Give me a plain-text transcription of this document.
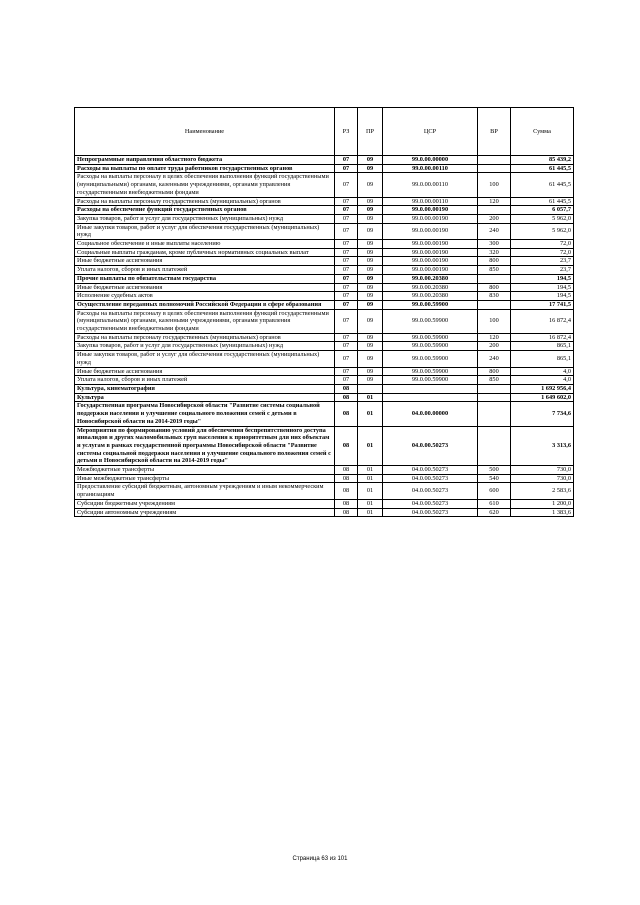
Наименование	РЗ	ПР	ЦСР	ВР	Сумма
Непрограммные направления областного бюджета	07	09	99.0.00.00000		85 439,2
Расходы на выплаты по оплате труда работников государственных органов	07	09	99.0.00.00110		61 445,5
Расходы на выплаты персоналу в целях обеспечения выполнения функций государственными (муниципальными) органами, казенными учреждениями, органами управления государственными внебюджетными фондами	07	09	99.0.00.00110	100	61 445,5
Расходы на выплаты персоналу государственных (муниципальных) органов	07	09	99.0.00.00110	120	61 445,5
Расходы на обеспечение функций государственных органов	07	09	99.0.00.00190		6 057,7
Закупка товаров, работ и услуг для государственных (муниципальных) нужд	07	09	99.0.00.00190	200	5 962,0
Иные закупки товаров, работ и услуг для обеспечения государственных (муниципальных) нужд	07	09	99.0.00.00190	240	5 962,0
Социальное обеспечение и иные выплаты населению	07	09	99.0.00.00190	300	72,0
Социальные выплаты гражданам, кроме публичных нормативных социальных выплат	07	09	99.0.00.00190	320	72,0
Иные бюджетные ассигнования	07	09	99.0.00.00190	800	23,7
Уплата налогов, сборов и иных платежей	07	09	99.0.00.00190	850	23,7
Прочие выплаты по обязательствам государства	07	09	99.0.00.20380		194,5
Иные бюджетные ассигнования	07	09	99.0.00.20380	800	194,5
Исполнение судебных актов	07	09	99.0.00.20380	830	194,5
Осуществление переданных полномочий Российской Федерации в сфере образования	07	09	99.0.00.59900		17 741,5
Расходы на выплаты персоналу в целях обеспечения выполнения функций государственными (муниципальными) органами, казенными учреждениями, органами управления государственными внебюджетными фондами	07	09	99.0.00.59900	100	16 872,4
Расходы на выплаты персоналу государственных (муниципальных) органов	07	09	99.0.00.59900	120	16 872,4
Закупка товаров, работ и услуг для государственных (муниципальных) нужд	07	09	99.0.00.59900	200	865,1
Иные закупки товаров, работ и услуг для обеспечения государственных (муниципальных) нужд	07	09	99.0.00.59900	240	865,1
Иные бюджетные ассигнования	07	09	99.0.00.59900	800	4,0
Уплата налогов, сборов и иных платежей	07	09	99.0.00.59900	850	4,0
Культура, кинематография	08				1 692 956,4
Культура	08	01			1 649 602,0
Государственная программа Новосибирской области "Развитие системы социальной поддержки населения и улучшение социального положения семей с детьми в Новосибирской области на 2014-2019 годы"	08	01	04.0.00.00000		7 734,6
Мероприятия по формированию условий для обеспечения беспрепятственного доступа инвалидов и других маломобильных груп населения к приоритетным для них объектам и услугам в рамках государственной программы Новосибирской области "Развитие системы социальной поддержки населения и улучшение социального положения семей с детьми в Новосибирской области на 2014-2019 годы"	08	01	04.0.00.50273		3 313,6
Межбюджетные трансферты	08	01	04.0.00.50273	500	730,0
Иные межбюджетные трансферты	08	01	04.0.00.50273	540	730,0
Предоставление субсидий бюджетным, автономным учреждениям и иным некоммерческим организациям	08	01	04.0.00.50273	600	2 583,6
Субсидии бюджетным учреждениям	08	01	04.0.00.50273	610	1 200,0
Субсидии автономным учреждениям	08	01	04.0.00.50273	620	1 383,6
Страница 63 из 101
